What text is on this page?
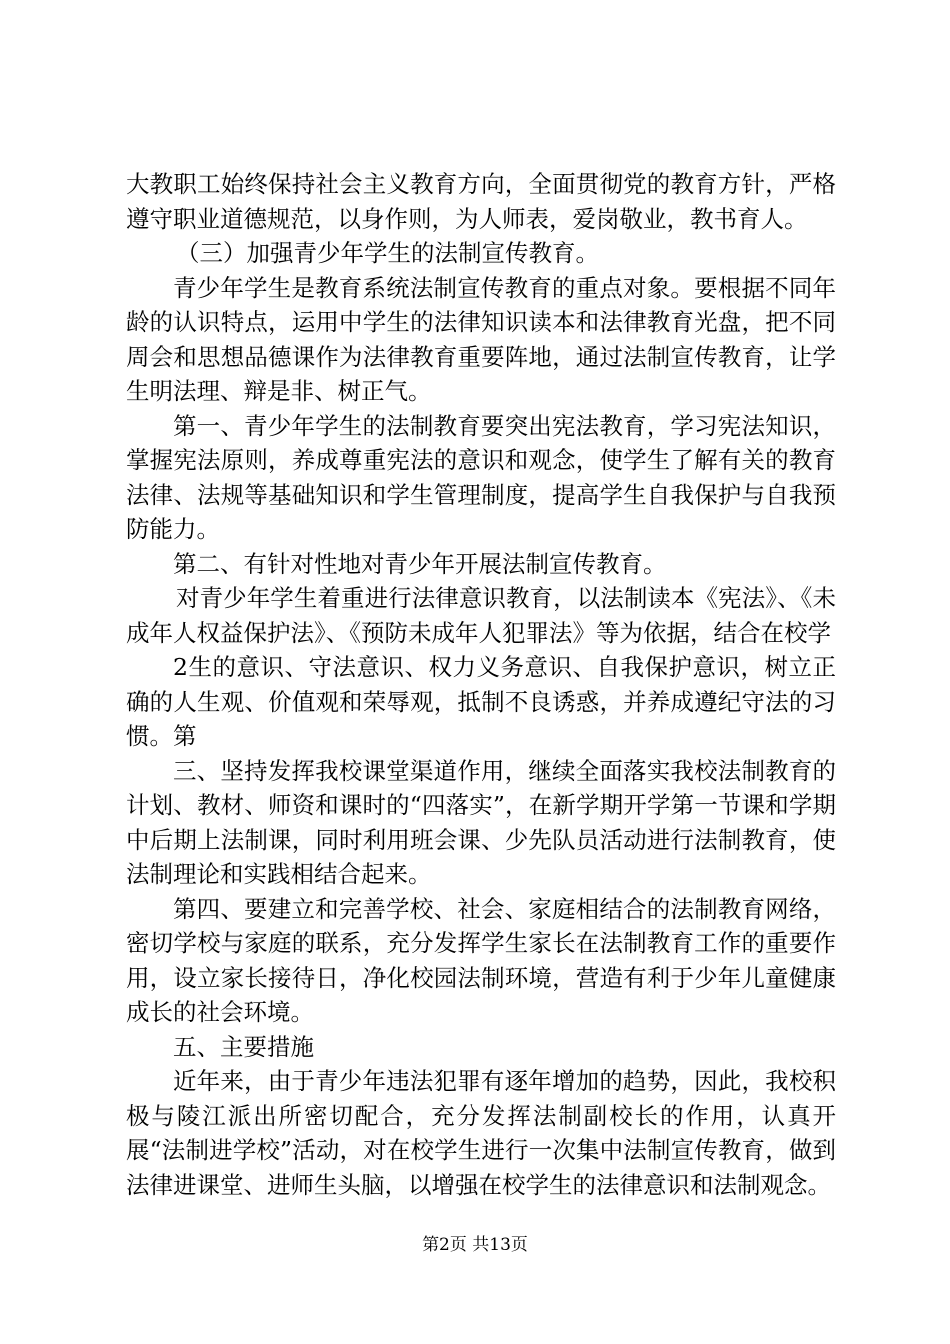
大教职工始终保持社会主义教育方向，全面贯彻党的教育方针，严格遵守职业道德规范，以身作则，为人师表，爱岗敬业，教书育人。

（三）加强青少年学生的法制宣传教育。

青少年学生是教育系统法制宣传教育的重点对象。要根据不同年龄的认识特点，运用中学生的法律知识读本和法律教育光盘，把不同周会和思想品德课作为法律教育重要阵地，通过法制宣传教育，让学生明法理、辩是非、树正气。

第一、青少年学生的法制教育要突出宪法教育，学习宪法知识，掌握宪法原则，养成尊重宪法的意识和观念，使学生了解有关的教育法律、法规等基础知识和学生管理制度，提高学生自我保护与自我预防能力。

第二、有针对性地对青少年开展法制宣传教育。

对青少年学生着重进行法律意识教育，以法制读本《宪法》、《未成年人权益保护法》、《预防未成年人犯罪法》等为依据，结合在校学

2生的意识、守法意识、权力义务意识、自我保护意识，树立正确的人生观、价值观和荣辱观，抵制不良诱惑，并养成遵纪守法的习惯。第

三、坚持发挥我校课堂渠道作用，继续全面落实我校法制教育的计划、教材、师资和课时的“四落实”，在新学期开学第一节课和学期中后期上法制课，同时利用班会课、少先队员活动进行法制教育，使法制理论和实践相结合起来。

第四、要建立和完善学校、社会、家庭相结合的法制教育网络，密切学校与家庭的联系，充分发挥学生家长在法制教育工作的重要作用，设立家长接待日，净化校园法制环境，营造有利于少年儿童健康成长的社会环境。

五、主要措施

近年来，由于青少年违法犯罪有逐年增加的趋势，因此，我校积极与陵江派出所密切配合，充分发挥法制副校长的作用，认真开展“法制进学校”活动，对在校学生进行一次集中法制宣传教育，做到法律进课堂、进师生头脑，以增强在校学生的法律意识和法制观念。

第2页 共13页
